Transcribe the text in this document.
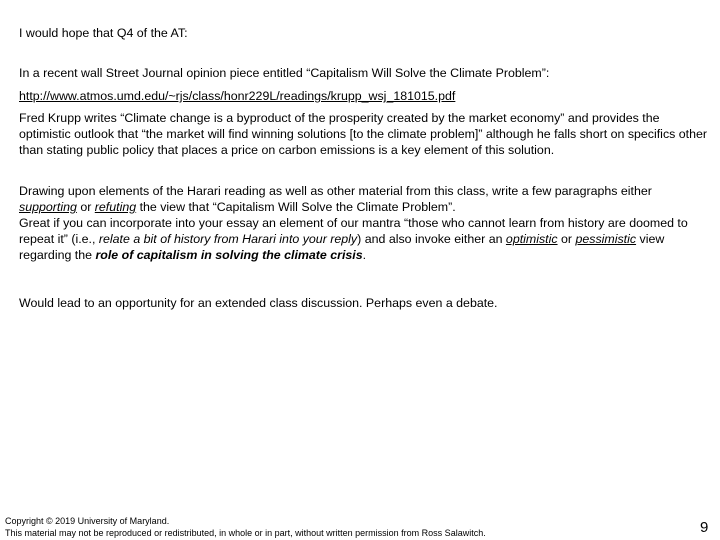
I would hope that Q4 of the AT:

In a recent wall Street Journal opinion piece entitled “Capitalism Will Solve the Climate Problem”:

http://www.atmos.umd.edu/~rjs/class/honr229L/readings/krupp_wsj_181015.pdf

Fred Krupp writes “Climate change is a byproduct of the prosperity created by the market economy” and provides the optimistic outlook that “the market will find winning solutions [to the climate problem]” although he falls short on specifics other than stating public policy that places a price on carbon emissions is a key element of this solution.

Drawing upon elements of the Harari reading as well as other material from this class, write a few paragraphs either supporting or refuting the view that “Capitalism Will Solve the Climate Problem”.
Great if you can incorporate into your essay an element of our mantra “those who cannot learn from history are doomed to repeat it” (i.e., relate a bit of history from Harari into your reply) and also invoke either an optimistic or pessimistic view regarding the role of capitalism in solving the climate crisis.

Would lead to an opportunity for an extended class discussion. Perhaps even a debate.

Copyright © 2019 University of Maryland.
This material may not be reproduced or redistributed, in whole or in part, without written permission from Ross Salawitch.	9
